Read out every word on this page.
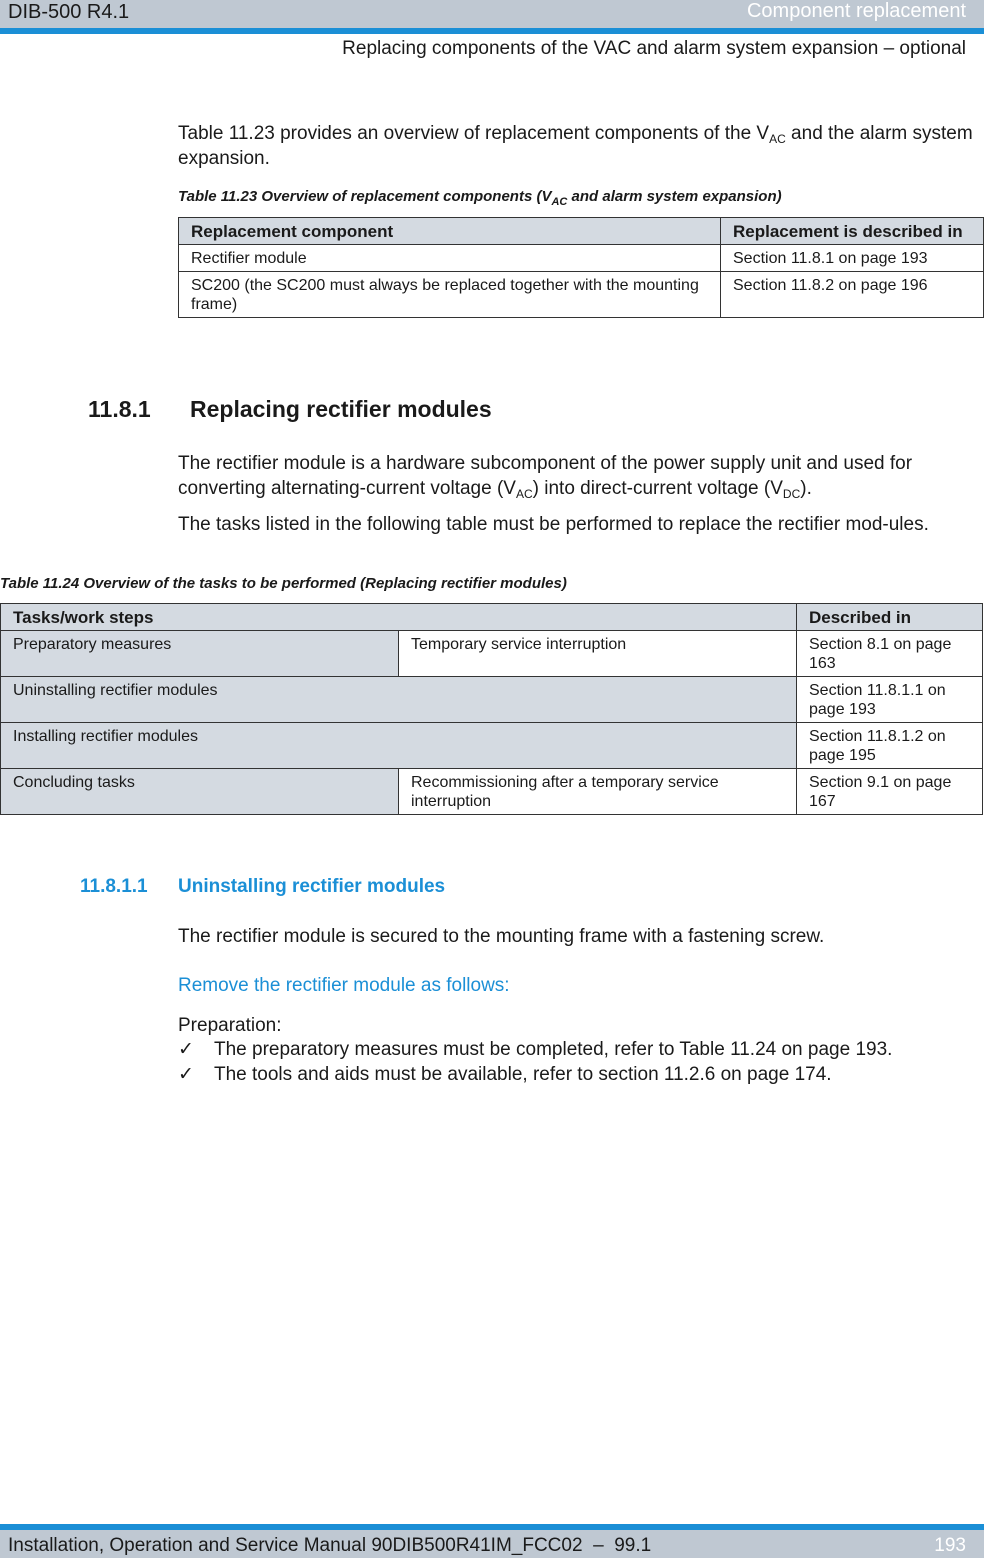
DIB-500 R4.1	Component replacement
Replacing components of the VAC and alarm system expansion – optional
Table 11.23 provides an overview of replacement components of the $V_{AC}$ and the alarm system expansion.
Table 11.23 Overview of replacement components ($V_{AC}$ and alarm system expansion)
Replacement component	Replacement is described in
Rectifier module	Section 11.8.1 on page 193
SC200 (the SC200 must always be replaced together with the mounting frame)	Section 11.8.2 on page 196
11.8.1 Replacing rectifier modules
The rectifier module is a hardware subcomponent of the power supply unit and used for converting alternating-current voltage $(V_{AC})$ into direct-current voltage $(V_{DC})$.
The tasks listed in the following table must be performed to replace the rectifier mod-ules.
Table 11.24 Overview of the tasks to be performed (Replacing rectifier modules)
Tasks/work steps		Described in
Preparatory measures	Temporary service interruption	Section 8.1 on page 163
Uninstalling rectifier modules		Section 11.8.1.1 on page 193
Installing rectifier modules		Section 11.8.1.2 on page 195
Concluding tasks	Recommissioning after a temporary service interruption	Section 9.1 on page 167
11.8.1.1 Uninstalling rectifier modules
The rectifier module is secured to the mounting frame with a fastening screw.
Remove the rectifier module as follows:
Preparation:
✓ The preparatory measures must be completed, refer to Table 11.24 on page 193.
✓ The tools and aids must be available, refer to section 11.2.6 on page 174.
Installation, Operation and Service Manual 90DIB500R41IM_FCC02  –  99.1	193
